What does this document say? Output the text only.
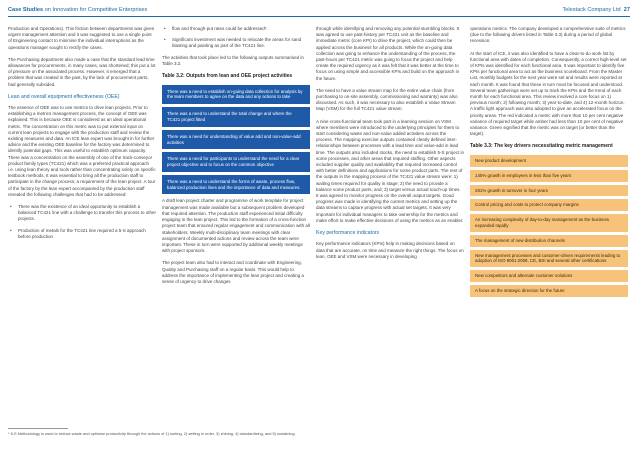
Case Studies on Innovation for Competitive Enterprises	Telestack Company Ltd 27

Production and Operations). This friction between departments was given urgent management attention and it was suggested to use a single point of Engineering contact to minimise the individual interruptions as the operations manager sought to rectify the cases.

The Purchasing department also made a case that the standard lead time allowances for procurements, in many cases, was shortened; this put a lot of pressure on the associated process. However, it emerged that a problem that was created in the past, by the lack of procurement parts, had generally subsided.

Lean and overall equipment effectiveness (OEE)

The essence of OEE was to use metrics to drive lean projects. Prior to establishing a metrics management process, the concept of OEE was explained. This is because OEE is considered as an ideal operational metric. The concentration on this metric was to put external input on current lean projects to engage with the production staff and review the existing measures and data. An ICE lean expert was brought in for further advice and the existing OEE baseline for the factory was determined to identify potential gaps. This was useful to establish optimum capacity. There was a concentration on the assembly of one of the track-conveyor product family types (TC421) which was a preferred practical approach i.e. using lean theory and tools rather than concentrating solely on specific textbook methods. It was essential to bring all the production staff to participate in the change process; a requirement of the lean project. A tour of the factory by the lean expert accompanied by the production staff revealed the following challenges that had to be addressed:

• There was the existence of an ideal opportunity to establish a balanced TC421 line with a challenge to transfer this process to other projects.
• Production of metals for the TC421 line required a 5-S approach before production
• flow and through-put rates could be addressed*.
• Significant investment was needed to relocate the areas for sand blasting and painting as part of the TC421 line.

The activities that took place led to the following outputs summarised in Table 3.2.

Table 3.2: Outputs from lean and OEE project activities
There was a need to establish on-going data collection for analysis by the team members to agree on the data and any actions to take
There was a need to understand the total change and where the TC421 project fitted
There was a need for understanding of value add and non-value-add activities
There was a need for participants to understand the need for a clear project objective and to focus on the common objective
There was a need to understand the forms of waste, process flow, balanced production lines and the importance of data and measures.

A draft lean project charter and programme of work template for project management was made available but a subsequent problem developed that required attention. The production staff experienced initial difficulty engaging in the lean project. This led to the formation of a cross-function project team that ensured regular engagement and communication with all stakeholders. Weekly multi-disciplinary team meetings with clear assignment of documented actions and review across the team were important. These in turn were supported by additional weekly meetings with project sponsors.

The project team also had to interact and coordinate with Engineering, Quality and Purchasing staff on a regular basis. This would help to address the importance of implementing the lean project and creating a sense of urgency to drive changes

through while identifying and removing any potential stumbling blocks. It was agreed to use past-history per TC421 unit as the baseline and immediate metric (core KPI) to drive the project, which could then be applied across the business for all products. While the on-going data collection was going to enhance the understanding of the process, the past-hours per TC421 metric was going to focus the project and help create the required urgency as it was felt that it was better at the time to focus on using simple and accessible KPIs and build on the approach in the future.

The need to have a value stream map for the entire value chain (from purchasing to on-site assembly, commissioning and warranty) was also discussed. As such, it was necessary to also establish a Value Stream Map (VSM) for the full TC421 value stream.

A nine cross-functional team took part in a learning session on VSM where members were introduced to the underlying principles for them to start considering waste and non-value added activities across the process. The mapping exercise outputs contained clearly defined inter-relationships between processes with a lead time and value-add in lead time. The outputs also included stocks, the need to establish 5-S project in some processes, and other areas that required staffing. Other aspects included supplier quality and availability that required increased control with better definitions and applications for some product parts. The rest of the outputs in the mapping process of the TC421 value stream were: 1) waiting times required for quality in stage; 2) the need to provide a balance some product parts, and; 3) target versus actual touch-up times. It was agreed to monitor progress on the overall output targets. Good progress was made in identifying the current metrics and setting up the data streams to capture progress with actual set targets. It was very important for individual managers to take ownership for the metrics and make effort to make effective decisions of using the metrics as an enabler.

Key performance indicators

Key performance indicators (KPIs) help in making decisions based on data that are accurate, on time and measure the right things. The focus on lean, OEE and VSM were necessary in developing

operations metrics. The company developed a comprehensive suite of metrics (due to the following drivers listed in Table 3.3) during a period of global recession.

At the start of ICE, it was also identified to have a clear-to-do work list by functional area with dates of completion. Consequently, a correct high-level set of KPIs was identified for each functional area. It was important to identify five KPIs per functional area to act as the business scoreboard. From the Master List, monthly budgets for the next year were set and results were reported at each month. It was found that these in turn must be focused and understood. Several team gatherings were set up to track the KPIs and the trend of each month for each functional area. This review involved a core focus on 1) previous month; 2) following month; 3) year-to-date, and 4) 12-month horizon. A traffic light approach was also adopted to give an accelerated focus on the priority areas. The red indicated a metric with more than 10 per cent negative variance of required target while amber had less than 10 per cent of negative variance. Green signified that the metric was on target (or better than the target).

Table 3.3: The key drivers necessitating metric management
New product development
140% growth in employees in less than five years
281% growth in turnover in four years
Control pricing and costs to protect company margins
An increasing complexity of day-to-day management as the business expanded rapidly
The management of new distribution channels
New management processes and customer-driven requirements leading to adoption of ISO 9001:2008, CE, BSI and several other certifications
New competitors and alternate customer solutions
A focus on the strategic direction for the future
* 5-S Methodology is used to reduce waste and optimise productivity through the actions of 1) sorting, 2) setting in order, 3) shining, 4) standardizing, and 5) sustaining.
